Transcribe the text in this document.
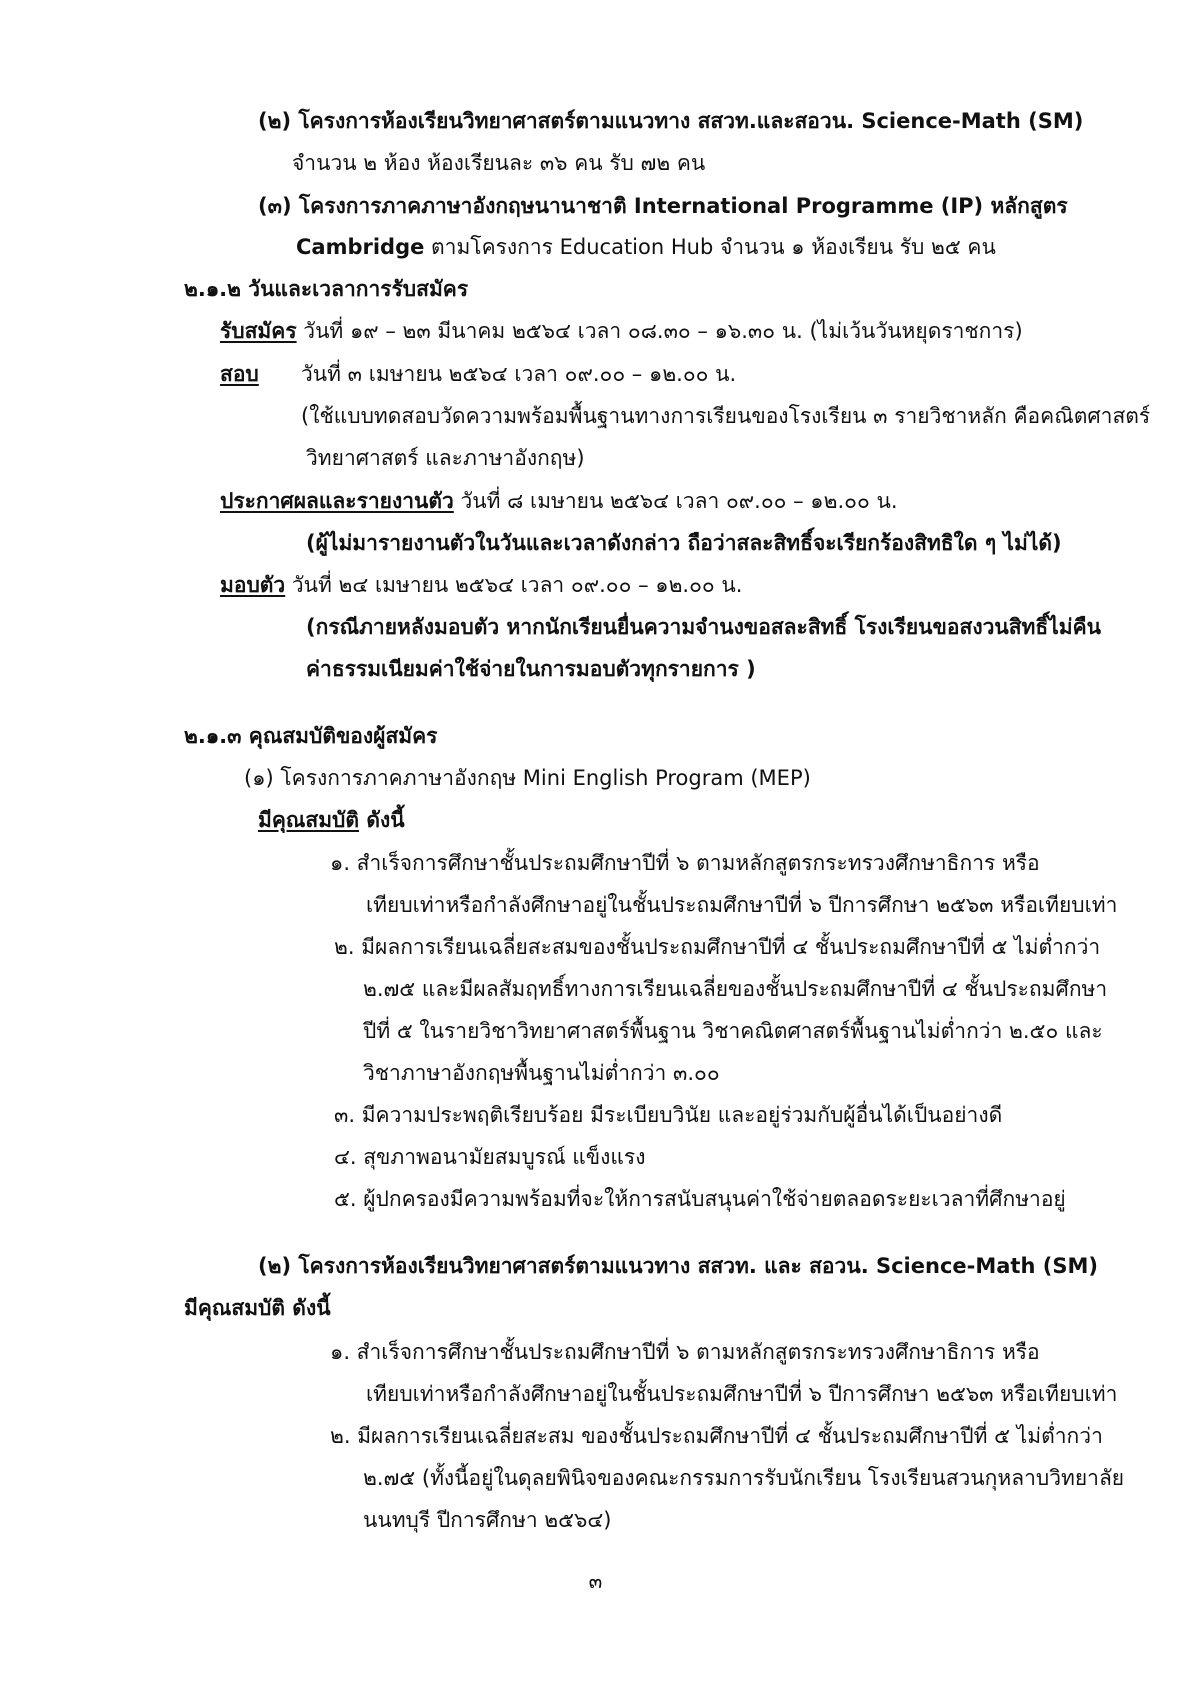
(๒) โครงการห้องเรียนวิทยาศาสตร์ตามแนวทาง สสวท.และสอวน. Science-Math (SM)
จำนวน ๒ ห้อง ห้องเรียนละ ๓๖ คน รับ ๗๒ คน
(๓) โครงการภาคภาษาอังกฤษนานาชาติ International Programme (IP) หลักสูตร
Cambridge ตามโครงการ Education Hub จำนวน ๑ ห้องเรียน รับ ๒๕ คน
๒.๑.๒ วันและเวลาการรับสมัคร
รับสมัคร วันที่ ๑๙ – ๒๓ มีนาคม ๒๕๖๔ เวลา ๐๘.๓๐ – ๑๖.๓๐ น. (ไม่เว้นวันหยุดราชการ)
สอบ วันที่ ๓ เมษายน ๒๕๖๔ เวลา ๐๙.๐๐ – ๑๒.๐๐ น.
(ใช้แบบทดสอบวัดความพร้อมพื้นฐานทางการเรียนของโรงเรียน ๓ รายวิชาหลัก คือคณิตศาสตร์
วิทยาศาสตร์ และภาษาอังกฤษ)
ประกาศผลและรายงานตัว วันที่ ๘ เมษายน ๒๕๖๔ เวลา ๐๙.๐๐ – ๑๒.๐๐ น.
(ผู้ไม่มารายงานตัวในวันและเวลาดังกล่าว ถือว่าสละสิทธิ์จะเรียกร้องสิทธิใด ๆ ไม่ได้)
มอบตัว วันที่ ๒๔ เมษายน ๒๕๖๔ เวลา ๐๙.๐๐ – ๑๒.๐๐ น.
(กรณีภายหลังมอบตัว หากนักเรียนยื่นความจำนงขอสละสิทธิ์ โรงเรียนขอสงวนสิทธิ์ไม่คืน
ค่าธรรมเนียมค่าใช้จ่ายในการมอบตัวทุกรายการ )
๒.๑.๓ คุณสมบัติของผู้สมัคร
(๑) โครงการภาคภาษาอังกฤษ Mini English Program (MEP)
มีคุณสมบัติ ดังนี้
๑. สำเร็จการศึกษาชั้นประถมศึกษาปีที่ ๖ ตามหลักสูตรกระทรวงศึกษาธิการ หรือ
เทียบเท่าหรือกำลังศึกษาอยู่ในชั้นประถมศึกษาปีที่ ๖ ปีการศึกษา ๒๕๖๓ หรือเทียบเท่า
๒. มีผลการเรียนเฉลี่ยสะสมของชั้นประถมศึกษาปีที่ ๔ ชั้นประถมศึกษาปีที่ ๕ ไม่ต่ำกว่า
๒.๗๕ และมีผลสัมฤทธิ์ทางการเรียนเฉลี่ยของชั้นประถมศึกษาปีที่ ๔ ชั้นประถมศึกษา
ปีที่ ๕ ในรายวิชาวิทยาศาสตร์พื้นฐาน วิชาคณิตศาสตร์พื้นฐานไม่ต่ำกว่า ๒.๕๐ และ
วิชาภาษาอังกฤษพื้นฐานไม่ต่ำกว่า ๓.๐๐
๓. มีความประพฤติเรียบร้อย มีระเบียบวินัย และอยู่ร่วมกับผู้อื่นได้เป็นอย่างดี
๔. สุขภาพอนามัยสมบูรณ์ แข็งแรง
๕. ผู้ปกครองมีความพร้อมที่จะให้การสนับสนุนค่าใช้จ่ายตลอดระยะเวลาที่ศึกษาอยู่
(๒) โครงการห้องเรียนวิทยาศาสตร์ตามแนวทาง สสวท. และ สอวน. Science-Math (SM)
มีคุณสมบัติ ดังนี้
๑. สำเร็จการศึกษาชั้นประถมศึกษาปีที่ ๖ ตามหลักสูตรกระทรวงศึกษาธิการ หรือ
เทียบเท่าหรือกำลังศึกษาอยู่ในชั้นประถมศึกษาปีที่ ๖ ปีการศึกษา ๒๕๖๓ หรือเทียบเท่า
๒. มีผลการเรียนเฉลี่ยสะสม ของชั้นประถมศึกษาปีที่ ๔ ชั้นประถมศึกษาปีที่ ๕ ไม่ต่ำกว่า
๒.๗๕ (ทั้งนี้อยู่ในดุลยพินิจของคณะกรรมการรับนักเรียน โรงเรียนสวนกุหลาบวิทยาลัย
นนทบุรี ปีการศึกษา ๒๕๖๔)
๓
